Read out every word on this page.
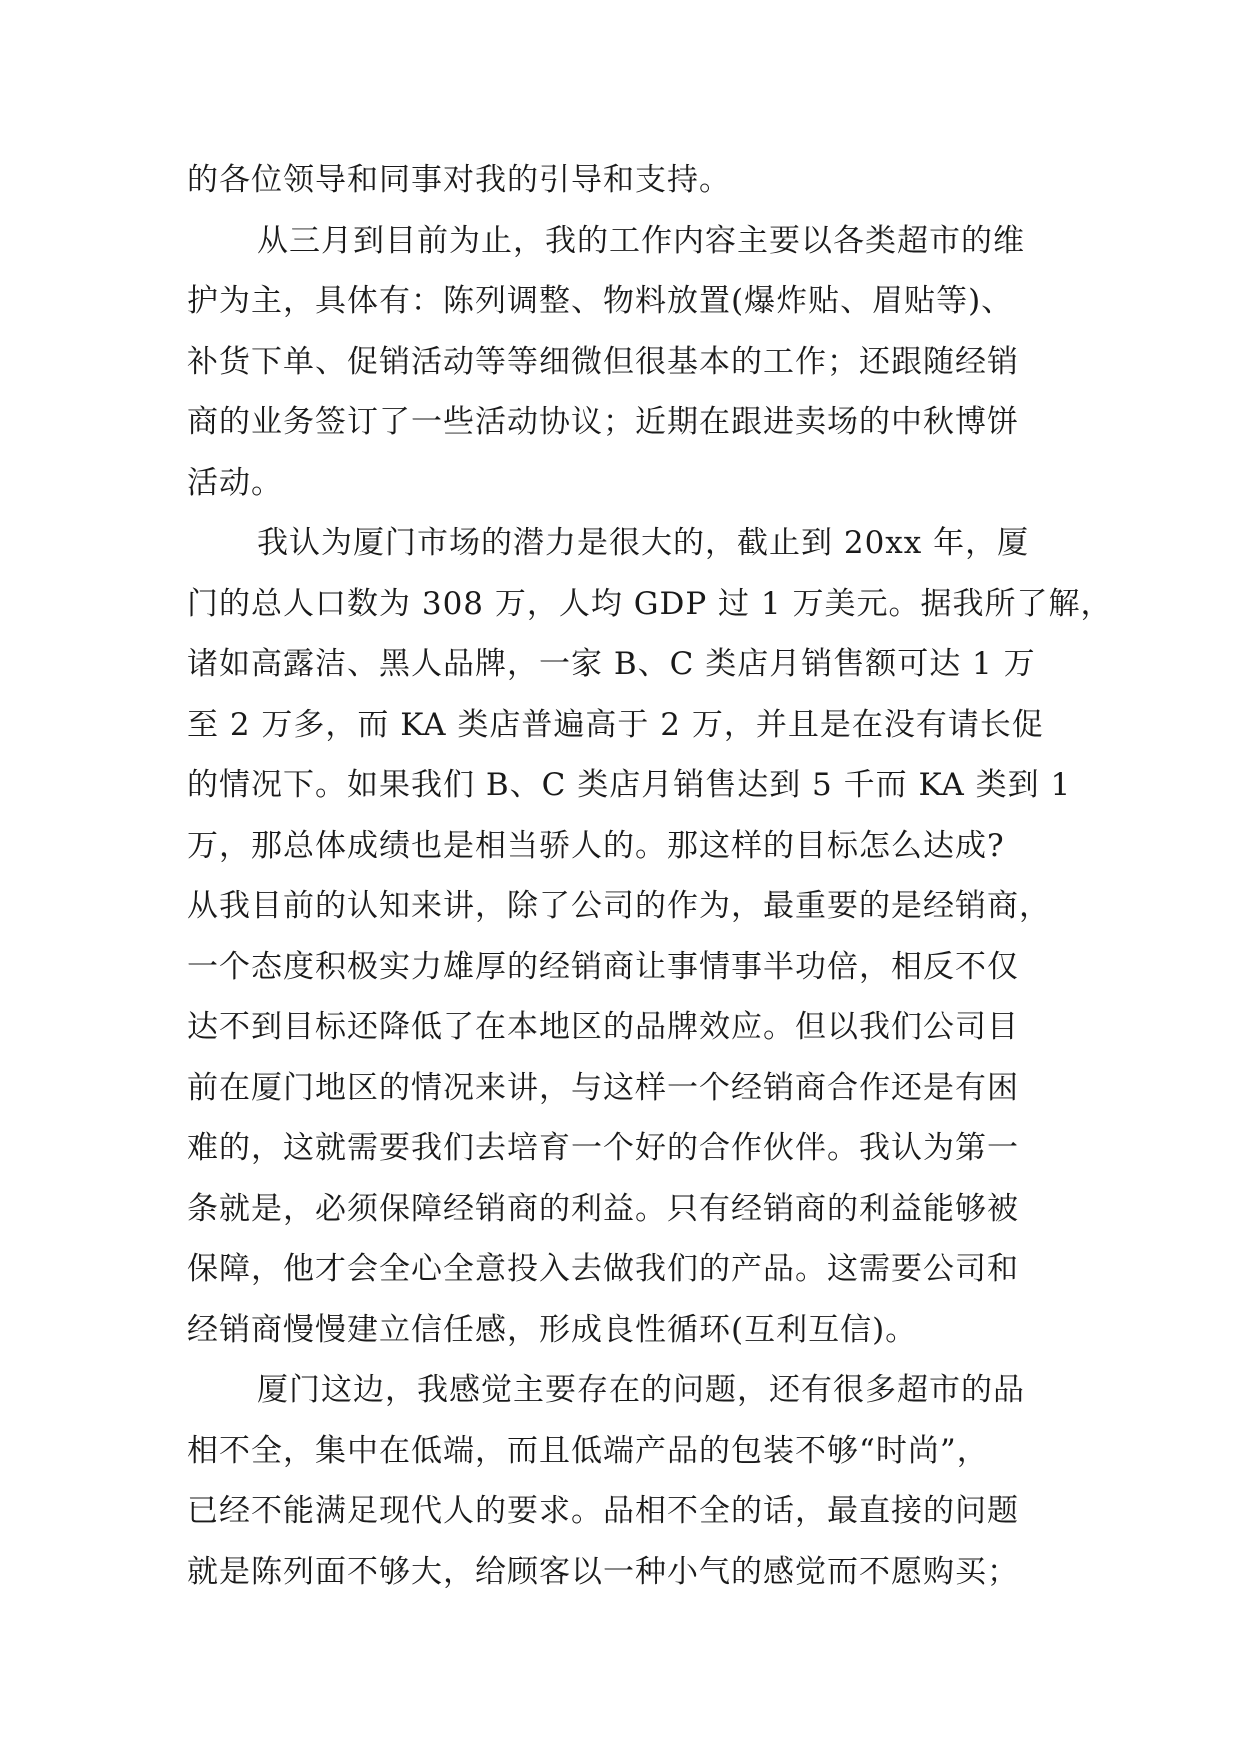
的各位领导和同事对我的引导和支持。
从三月到目前为止，我的工作内容主要以各类超市的维
护为主，具体有：陈列调整、物料放置(爆炸贴、眉贴等)、
补货下单、促销活动等等细微但很基本的工作；还跟随经销
商的业务签订了一些活动协议；近期在跟进卖场的中秋博饼
活动。
我认为厦门市场的潜力是很大的，截止到 20xx 年，厦
门的总人口数为 308 万，人均 GDP 过 1 万美元。据我所了解，
诸如高露洁、黑人品牌，一家 B、C 类店月销售额可达 1 万
至 2 万多，而 KA 类店普遍高于 2 万，并且是在没有请长促
的情况下。如果我们 B、C 类店月销售达到 5 千而 KA 类到 1
万，那总体成绩也是相当骄人的。那这样的目标怎么达成?
从我目前的认知来讲，除了公司的作为，最重要的是经销商，
一个态度积极实力雄厚的经销商让事情事半功倍，相反不仅
达不到目标还降低了在本地区的品牌效应。但以我们公司目
前在厦门地区的情况来讲，与这样一个经销商合作还是有困
难的，这就需要我们去培育一个好的合作伙伴。我认为第一
条就是，必须保障经销商的利益。只有经销商的利益能够被
保障，他才会全心全意投入去做我们的产品。这需要公司和
经销商慢慢建立信任感，形成良性循环(互利互信)。
厦门这边，我感觉主要存在的问题，还有很多超市的品
相不全，集中在低端，而且低端产品的包装不够“时尚”，
已经不能满足现代人的要求。品相不全的话，最直接的问题
就是陈列面不够大，给顾客以一种小气的感觉而不愿购买；
